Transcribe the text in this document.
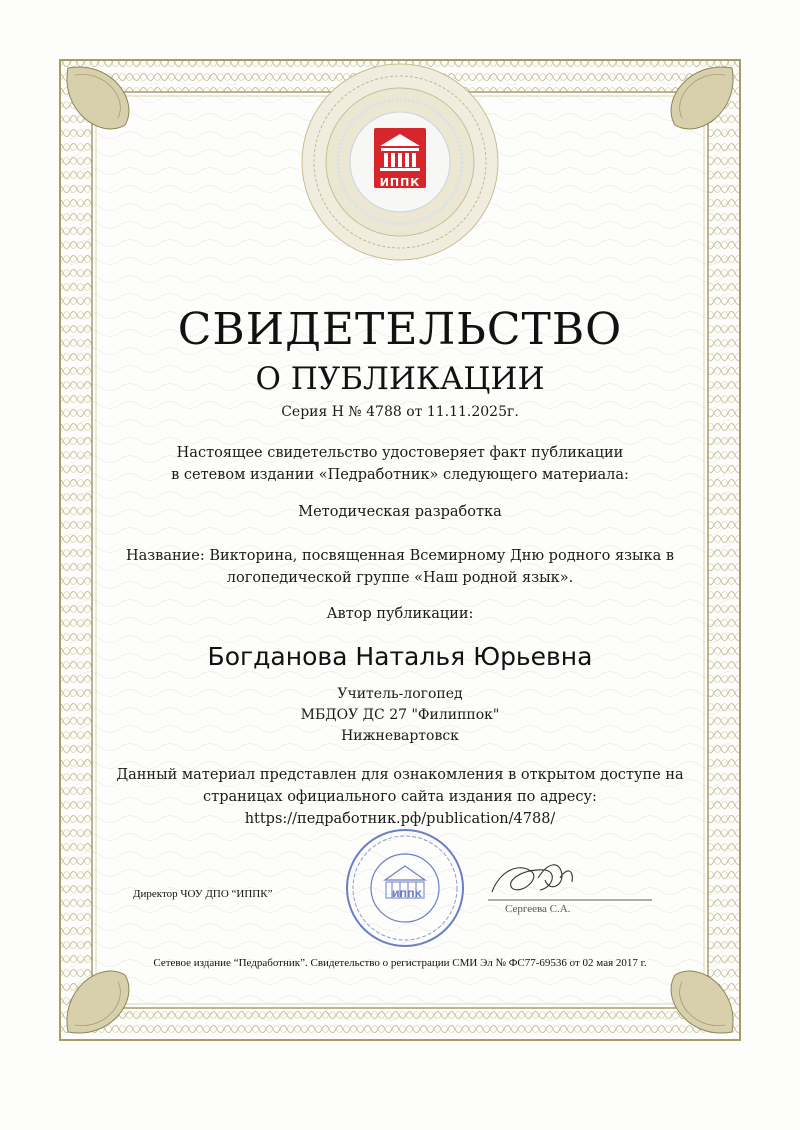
ИППК
ИППК
СВИДЕТЕЛЬСТВО
О ПУБЛИКАЦИИ
Серия Н № 4788 от 11.11.2025г.
Настоящее свидетельство удостоверяет факт публикации
в сетевом издании «Педработник» следующего материала:
Методическая разработка
Название: Викторина, посвященная Всемирному Дню родного языка в
логопедической группе «Наш родной язык».
Автор публикации:
Богданова Наталья Юрьевна
Учитель-логопед
МБДОУ ДС 27 "Филиппок"
Нижневартовск
Данный материал представлен для ознакомления в открытом доступе на
страницах официального сайта издания по адресу:
https://педработник.рф/publication/4788/
Директор ЧОУ ДПО “ИППК”
Сергеева С.А.
Сетевое издание “Педработник”. Свидетельство о регистрации СМИ Эл № ФС77-69536 от 02 мая 2017 г.
